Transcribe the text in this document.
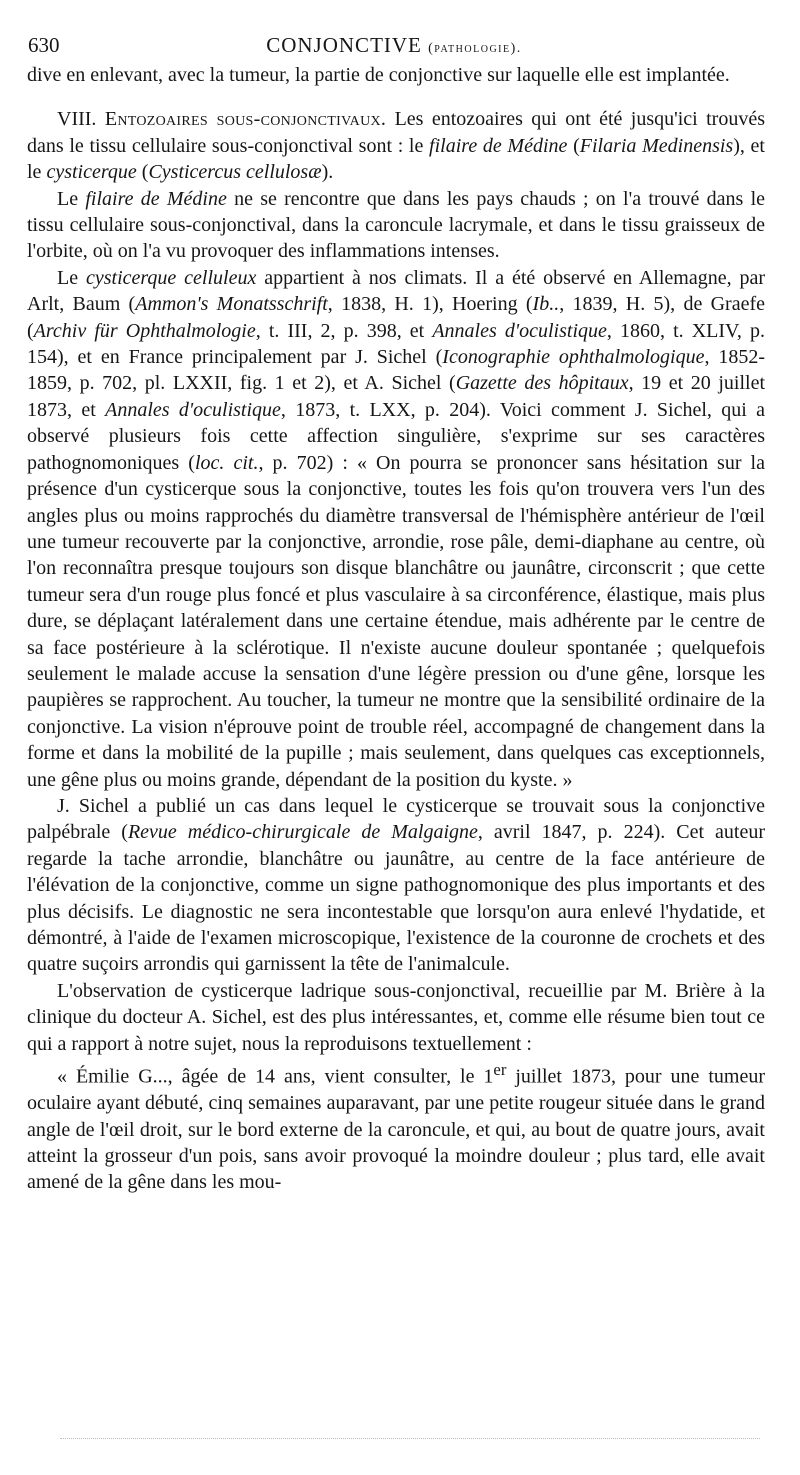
630	CONJONCTIVE (pathologie).

dive en enlevant, avec la tumeur, la partie de conjonctive sur laquelle elle est implantée.

VIII. Entozoaires sous-conjonctivaux. Les entozoaires qui ont été jusqu'ici trouvés dans le tissu cellulaire sous-conjonctival sont : le filaire de Médine (Filaria Medinensis), et le cysticerque (Cysticercus cellulosæ).

Le filaire de Médine ne se rencontre que dans les pays chauds ; on l'a trouvé dans le tissu cellulaire sous-conjonctival, dans la caroncule lacrymale, et dans le tissu graisseux de l'orbite, où on l'a vu provoquer des inflammations intenses.

Le cysticerque celluleux appartient à nos climats. Il a été observé en Allemagne, par Arlt, Baum (Ammon's Monatsschrift, 1838, H. 1), Hoering (Ib.., 1839, H. 5), de Graefe (Archiv für Ophthalmologie, t. III, 2, p. 398, et Annales d'oculistique, 1860, t. XLIV, p. 154), et en France principalement par J. Sichel (Iconographie ophthalmologique, 1852-1859, p. 702, pl. LXXII, fig. 1 et 2), et A. Sichel (Gazette des hôpitaux, 19 et 20 juillet 1873, et Annales d'oculistique, 1873, t. LXX, p. 204). Voici comment J. Sichel, qui a observé plusieurs fois cette affection singulière, s'exprime sur ses caractères pathognomoniques (loc. cit., p. 702) : « On pourra se prononcer sans hésitation sur la présence d'un cysticerque sous la conjonctive, toutes les fois qu'on trouvera vers l'un des angles plus ou moins rapprochés du diamètre transversal de l'hémisphère antérieur de l'œil une tumeur recouverte par la conjonctive, arrondie, rose pâle, demi-diaphane au centre, où l'on reconnaîtra presque toujours son disque blanchâtre ou jaunâtre, circonscrit ; que cette tumeur sera d'un rouge plus foncé et plus vasculaire à sa circonférence, élastique, mais plus dure, se déplaçant latéralement dans une certaine étendue, mais adhérente par le centre de sa face postérieure à la sclérotique. Il n'existe aucune douleur spontanée ; quelquefois seulement le malade accuse la sensation d'une légère pression ou d'une gêne, lorsque les paupières se rapprochent. Au toucher, la tumeur ne montre que la sensibilité ordinaire de la conjonctive. La vision n'éprouve point de trouble réel, accompagné de changement dans la forme et dans la mobilité de la pupille ; mais seulement, dans quelques cas exceptionnels, une gêne plus ou moins grande, dépendant de la position du kyste. »

J. Sichel a publié un cas dans lequel le cysticerque se trouvait sous la conjonctive palpébrale (Revue médico-chirurgicale de Malgaigne, avril 1847, p. 224). Cet auteur regarde la tache arrondie, blanchâtre ou jaunâtre, au centre de la face antérieure de l'élévation de la conjonctive, comme un signe pathognomonique des plus importants et des plus décisifs. Le diagnostic ne sera incontestable que lorsqu'on aura enlevé l'hydatide, et démontré, à l'aide de l'examen microscopique, l'existence de la couronne de crochets et des quatre suçoirs arrondis qui garnissent la tête de l'animalcule.

L'observation de cysticerque ladrique sous-conjonctival, recueillie par M. Brière à la clinique du docteur A. Sichel, est des plus intéressantes, et, comme elle résume bien tout ce qui a rapport à notre sujet, nous la reproduisons textuellement :

« Émilie G..., âgée de 14 ans, vient consulter, le 1er juillet 1873, pour une tumeur oculaire ayant débuté, cinq semaines auparavant, par une petite rougeur située dans le grand angle de l'œil droit, sur le bord externe de la caroncule, et qui, au bout de quatre jours, avait atteint la grosseur d'un pois, sans avoir provoqué la moindre douleur ; plus tard, elle avait amené de la gêne dans les mou-
